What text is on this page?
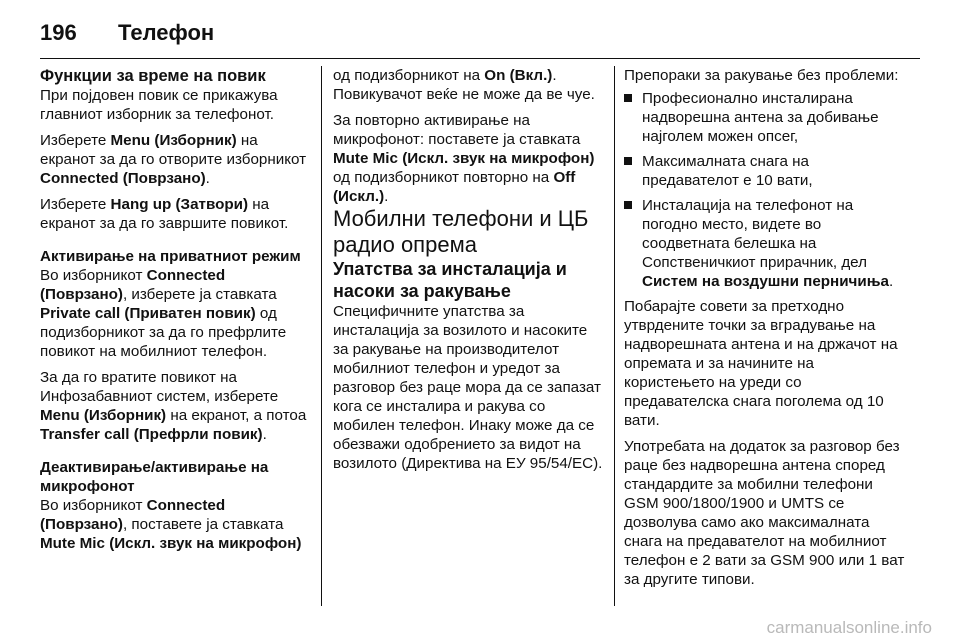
196	Телефон

Функции за време на повик

При појдовен повик се прикажува главниот изборник за телефонот.

Изберете Menu (Изборник) на екранот за да го отворите изборникот Connected (Поврзано).

Изберете Hang up (Затвори) на екранот за да го завршите повикот.

Активирање на приватниот режим

Во изборникот Connected (Поврзано), изберете ја ставката Private call (Приватен повик) од подизборникот за да го префрлите повикот на мобилниот телефон.

За да го вратите повикот на Инфозабавниот систем, изберете Menu (Изборник) на екранот, а потоа Transfer call (Префрли повик).

Деактивирање/активирање на микрофонот

Во изборникот Connected (Поврзано), поставете ја ставката Mute Mic (Искл. звук на микрофон)

од подизборникот на On (Вкл.). Повикувачот веќе не може да ве чуе.

За повторно активирање на микрофонот: поставете ја ставката Mute Mic (Искл. звук на микрофон) од подизборникот повторно на Off (Искл.).

Мобилни телефони и ЦБ радио опрема

Упатства за инсталација и насоки за ракување

Специфичните упатства за инсталација за возилото и насоките за ракување на производителот мобилниот телефон и уредот за разговор без раце мора да се запазат кога се инсталира и ракува со мобилен телефон. Инаку може да се обезважи одобрението за видот на возилото (Директива на ЕУ 95/54/ЕС).

Препораки за ракување без проблеми:

Професионално инсталирана надворешна антена за добивање најголем можен опсег,
Максималната снага на предавателот е 10 вати,
Инсталација на телефонот на погодно место, видете во соодветната белешка на Сопственичкиот прирачник, дел Систем на воздушни перничиња.

Побарајте совети за претходно утврдените точки за вградување на надворешната антена и на држачот на опремата и за начините на користењето на уреди со предавателска снага поголема од 10 вати.

Употребата на додаток за разговор без раце без надворешна антена според стандардите за мобилни телефони GSM 900/1800/1900 и UMTS се дозволува само ако максималната снага на предавателот на мобилниот телефон е 2 вати за GSM 900 или 1 ват за другите типови.

carmanualsonline.info
